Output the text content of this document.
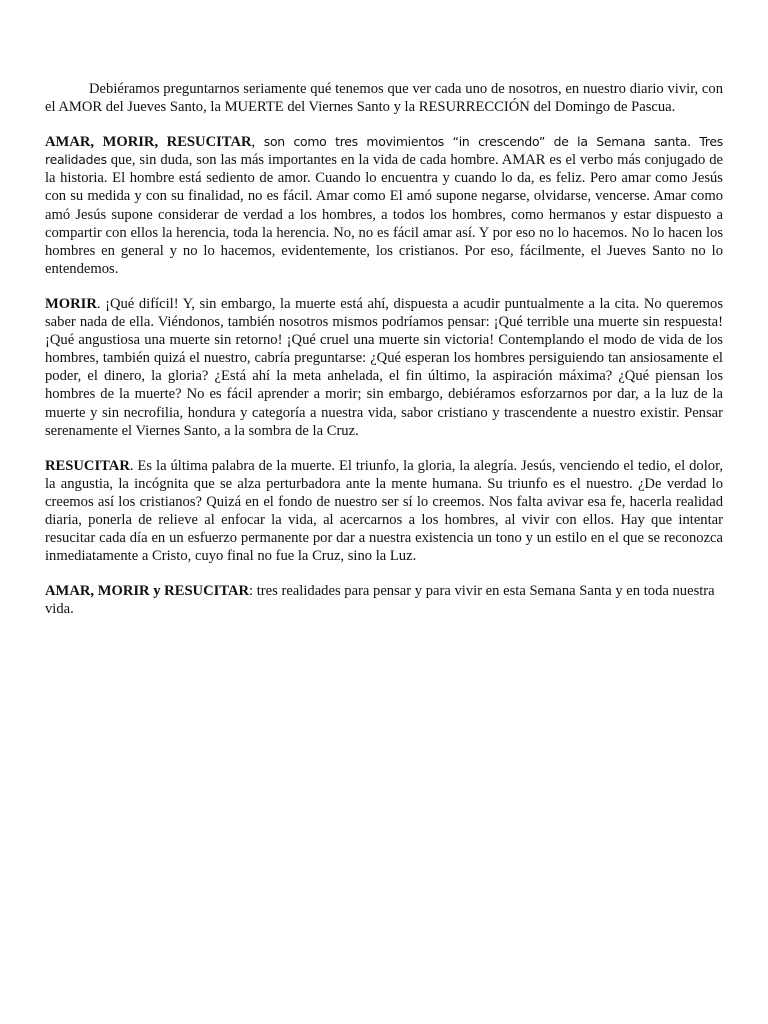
Debiéramos preguntarnos seriamente qué tenemos que ver cada uno de nosotros, en nuestro diario vivir, con el AMOR del Jueves Santo, la MUERTE del Viernes Santo y la RESURRECCIÓN del Domingo de Pascua.

AMAR, MORIR, RESUCITAR, son como tres movimientos “in crescendo” de la Semana santa. Tres realidades que, sin duda, son las más importantes en la vida de cada hombre. AMAR es el verbo más conjugado de la historia. El hombre está sediento de amor. Cuando lo encuentra y cuando lo da, es feliz. Pero amar como Jesús con su medida y con su finalidad, no es fácil. Amar como El amó supone negarse, olvidarse, vencerse. Amar como amó Jesús supone considerar de verdad a los hombres, a todos los hombres, como hermanos y estar dispuesto a compartir con ellos la herencia, toda la herencia. No, no es fácil amar así. Y por eso no lo hacemos. No lo hacen los hombres en general y no lo hacemos, evidentemente, los cristianos. Por eso, fácilmente, el Jueves Santo no lo entendemos.

MORIR. ¡Qué difícil! Y, sin embargo, la muerte está ahí, dispuesta a acudir puntualmente a la cita. No queremos saber nada de ella. Viéndonos, también nosotros mismos podríamos pensar: ¡Qué terrible una muerte sin respuesta! ¡Qué angustiosa una muerte sin retorno! ¡Qué cruel una muerte sin victoria! Contemplando el modo de vida de los hombres, también quizá el nuestro, cabría preguntarse: ¿Qué esperan los hombres persiguiendo tan ansiosamente el poder, el dinero, la gloria? ¿Está ahí la meta anhelada, el fin último, la aspiración máxima? ¿Qué piensan los hombres de la muerte? No es fácil aprender a morir; sin embargo, debiéramos esforzarnos por dar, a la luz de la muerte y sin necrofilia, hondura y categoría a nuestra vida, sabor cristiano y trascendente a nuestro existir. Pensar serenamente el Viernes Santo, a la sombra de la Cruz.

RESUCITAR. Es la última palabra de la muerte. El triunfo, la gloria, la alegría. Jesús, venciendo el tedio, el dolor, la angustia, la incógnita que se alza perturbadora ante la mente humana. Su triunfo es el nuestro. ¿De verdad lo creemos así los cristianos? Quizá en el fondo de nuestro ser sí lo creemos. Nos falta avivar esa fe, hacerla realidad diaria, ponerla de relieve al enfocar la vida, al acercarnos a los hombres, al vivir con ellos. Hay que intentar resucitar cada día en un esfuerzo permanente por dar a nuestra existencia un tono y un estilo en el que se reconozca inmediatamente a Cristo, cuyo final no fue la Cruz, sino la Luz.

AMAR, MORIR y RESUCITAR: tres realidades para pensar y para vivir en esta Semana Santa y en toda nuestra vida.
